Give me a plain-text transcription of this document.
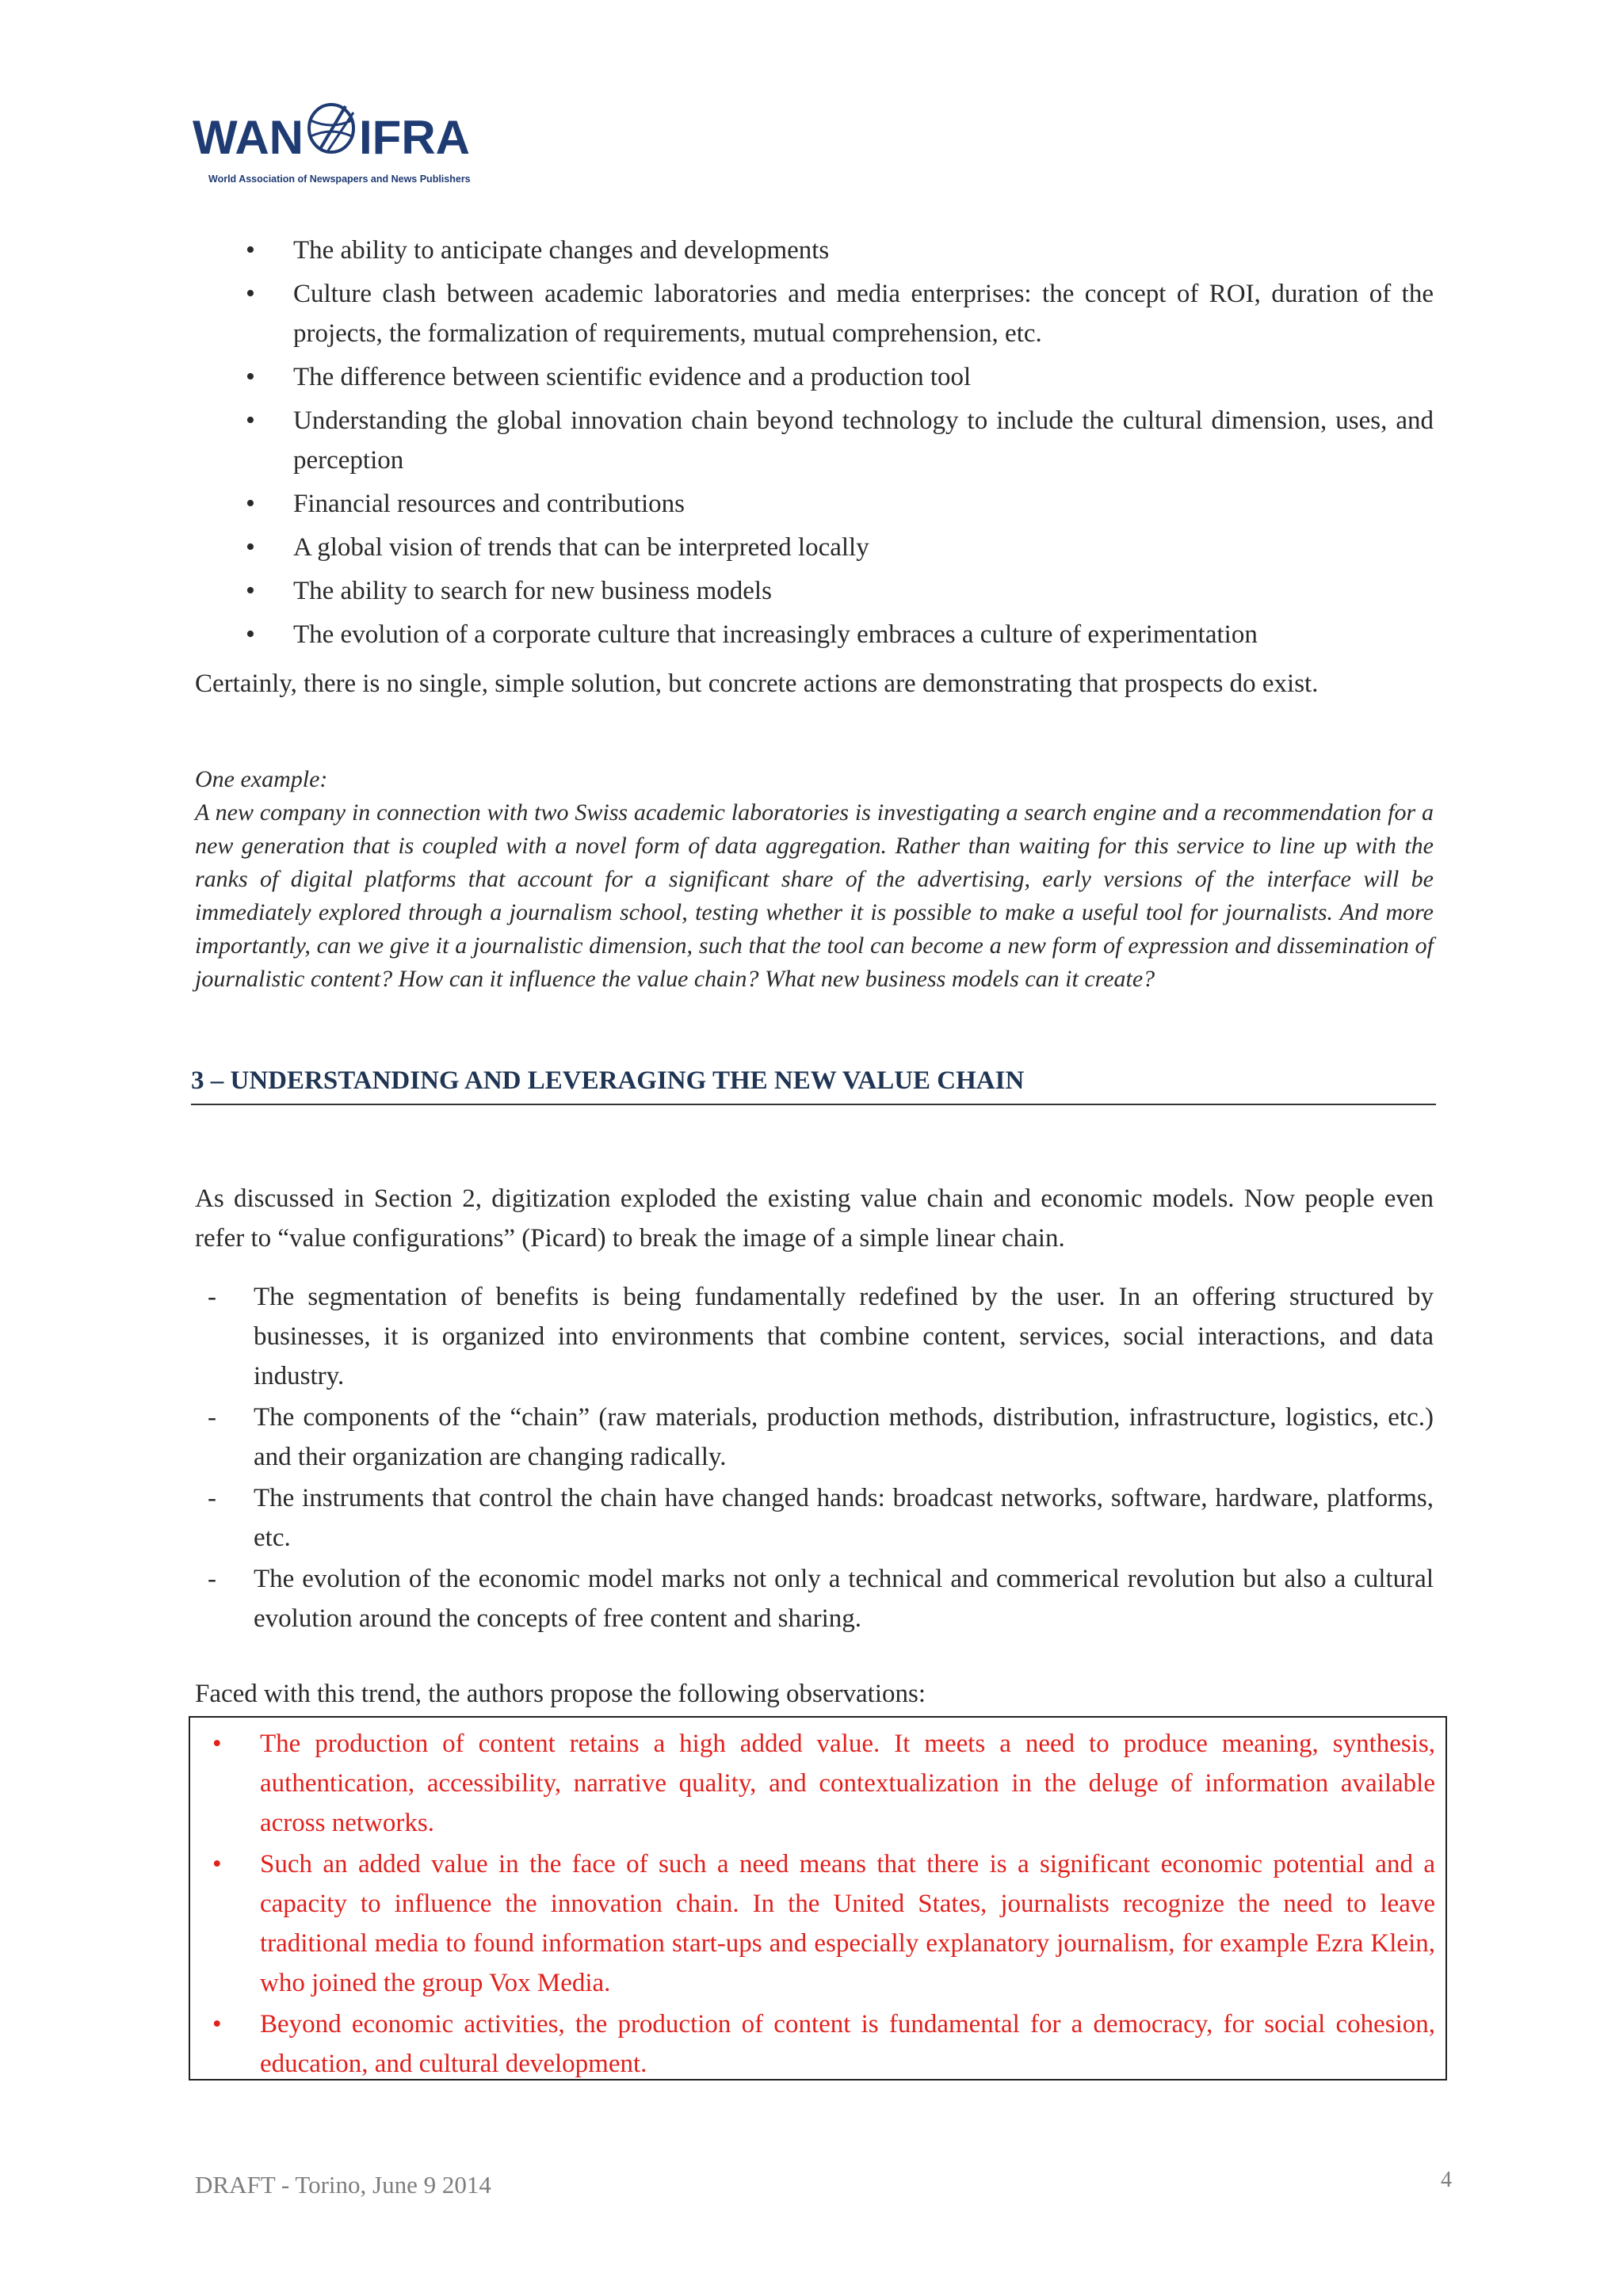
WAN IFRA
World Association of Newspapers and News Publishers
• The ability to anticipate changes and developments
• Culture clash between academic laboratories and media enterprises: the concept of ROI, duration of the projects, the formalization of requirements, mutual comprehension, etc.
• The difference between scientific evidence and a production tool
• Understanding the global innovation chain beyond technology to include the cultural dimension, uses, and perception
• Financial resources and contributions
• A global vision of trends that can be interpreted locally
• The ability to search for new business models
• The evolution of a corporate culture that increasingly embraces a culture of experimentation

Certainly, there is no single, simple solution, but concrete actions are demonstrating that prospects do exist.

One example:

A new company in connection with two Swiss academic laboratories is investigating a search engine and a recommendation for a new generation that is coupled with a novel form of data aggregation. Rather than waiting for this service to line up with the ranks of digital platforms that account for a significant share of the advertising, early versions of the interface will be immediately explored through a journalism school, testing whether it is possible to make a useful tool for journalists. And more importantly, can we give it a journalistic dimension, such that the tool can become a new form of expression and dissemination of journalistic content? How can it influence the value chain? What new business models can it create?

3 – UNDERSTANDING AND LEVERAGING THE NEW VALUE CHAIN

As discussed in Section 2, digitization exploded the existing value chain and economic models. Now people even refer to “value configurations” (Picard) to break the image of a simple linear chain.

- The segmentation of benefits is being fundamentally redefined by the user. In an offering structured by businesses, it is organized into environments that combine content, services, social interactions, and data industry.
- The components of the “chain” (raw materials, production methods, distribution, infrastructure, logistics, etc.) and their organization are changing radically.
- The instruments that control the chain have changed hands: broadcast networks, software, hardware, platforms, etc.
- The evolution of the economic model marks not only a technical and commerical revolution but also a cultural evolution around the concepts of free content and sharing.

Faced with this trend, the authors propose the following observations:

• The production of content retains a high added value. It meets a need to produce meaning, synthesis, authentication, accessibility, narrative quality, and contextualization in the deluge of information available across networks.
• Such an added value in the face of such a need means that there is a significant economic potential and a capacity to influence the innovation chain. In the United States, journalists recognize the need to leave traditional media to found information start-ups and especially explanatory journalism, for example Ezra Klein, who joined the group Vox Media.
• Beyond economic activities, the production of content is fundamental for a democracy, for social cohesion, education, and cultural development.
DRAFT - Torino, June 9 2014	4
